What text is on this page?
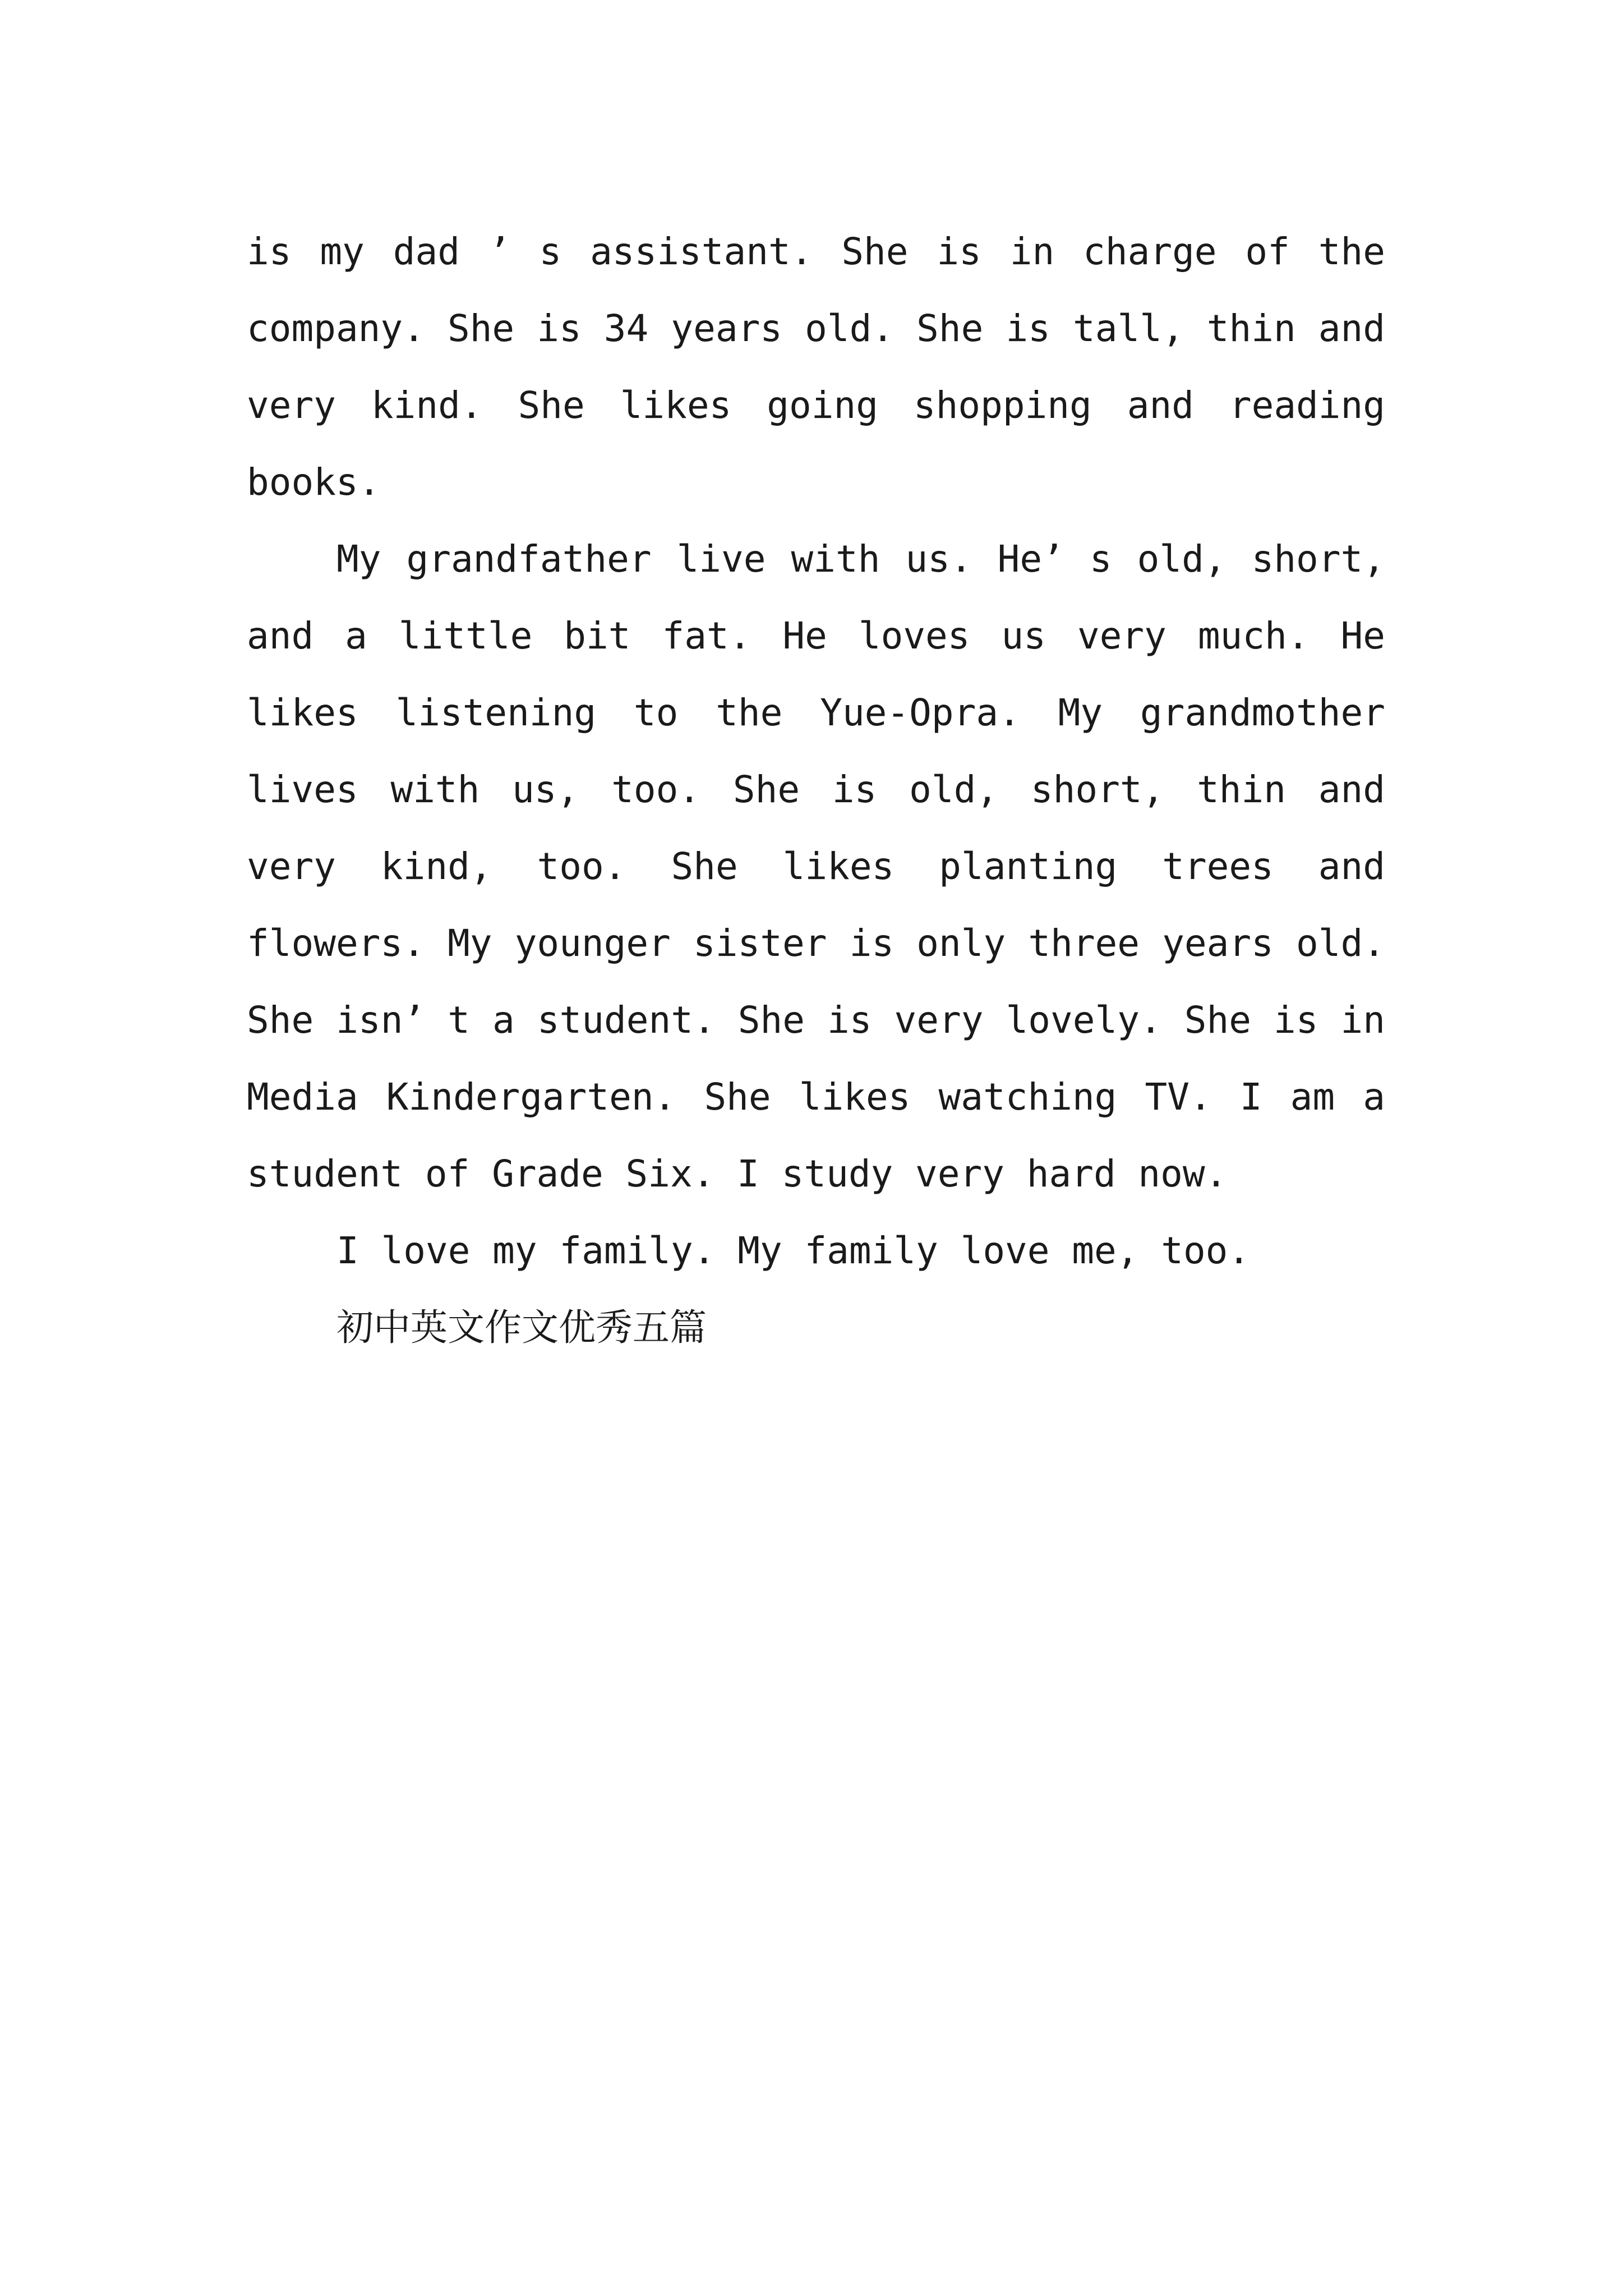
is my dad ’ s assistant. She is in charge of the company. She is 34 years old. She is tall, thin and very kind. She likes going shopping and reading books.

My grandfather live with us. He’ s old, short, and a little bit fat. He loves us very much. He likes listening to the Yue-Opra. My grandmother lives with us, too. She is old, short, thin and very kind, too. She likes planting trees and flowers. My younger sister is only three years old. She isn’ t a student. She is very lovely. She is in Media Kindergarten. She likes watching TV. I am a student of Grade Six. I study very hard now.

I love my family. My family love me, too.

初中英文作文优秀五篇
